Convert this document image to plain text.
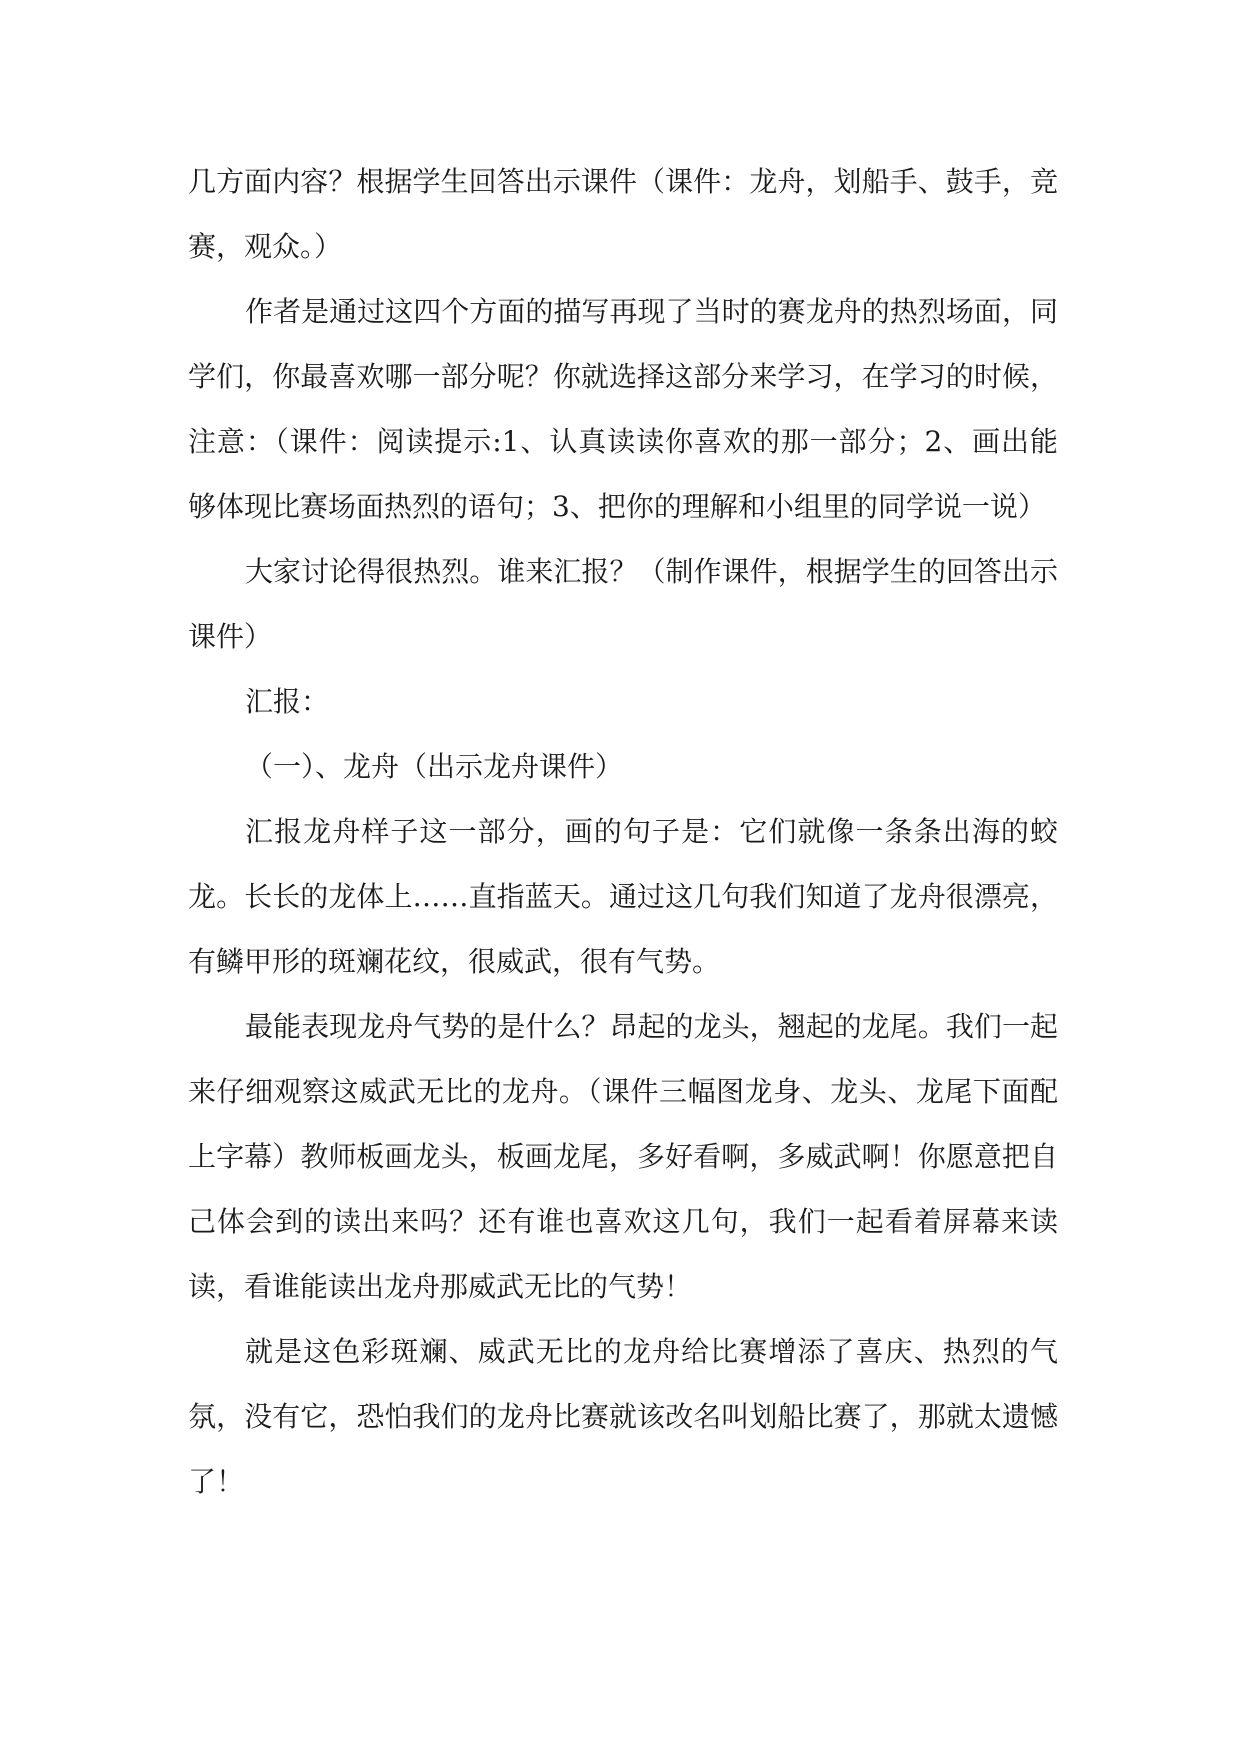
几方面内容？根据学生回答出示课件（课件：龙舟，划船手、鼓手，竞赛，观众。）

作者是通过这四个方面的描写再现了当时的赛龙舟的热烈场面，同学们，你最喜欢哪一部分呢？你就选择这部分来学习，在学习的时候，注意：（课件：阅读提示:1、认真读读你喜欢的那一部分；2、画出能够体现比赛场面热烈的语句；3、把你的理解和小组里的同学说一说）

大家讨论得很热烈。谁来汇报？（制作课件，根据学生的回答出示课件）

汇报：

（一）、龙舟（出示龙舟课件）

汇报龙舟样子这一部分，画的句子是：它们就像一条条出海的蛟龙。长长的龙体上……直指蓝天。通过这几句我们知道了龙舟很漂亮，有鳞甲形的斑斓花纹，很威武，很有气势。

最能表现龙舟气势的是什么？昂起的龙头，翘起的龙尾。我们一起来仔细观察这威武无比的龙舟。（课件三幅图龙身、龙头、龙尾下面配上字幕）教师板画龙头，板画龙尾，多好看啊，多威武啊！你愿意把自己体会到的读出来吗？还有谁也喜欢这几句，我们一起看着屏幕来读读，看谁能读出龙舟那威武无比的气势！

就是这色彩斑斓、威武无比的龙舟给比赛增添了喜庆、热烈的气氛，没有它，恐怕我们的龙舟比赛就该改名叫划船比赛了，那就太遗憾了！
